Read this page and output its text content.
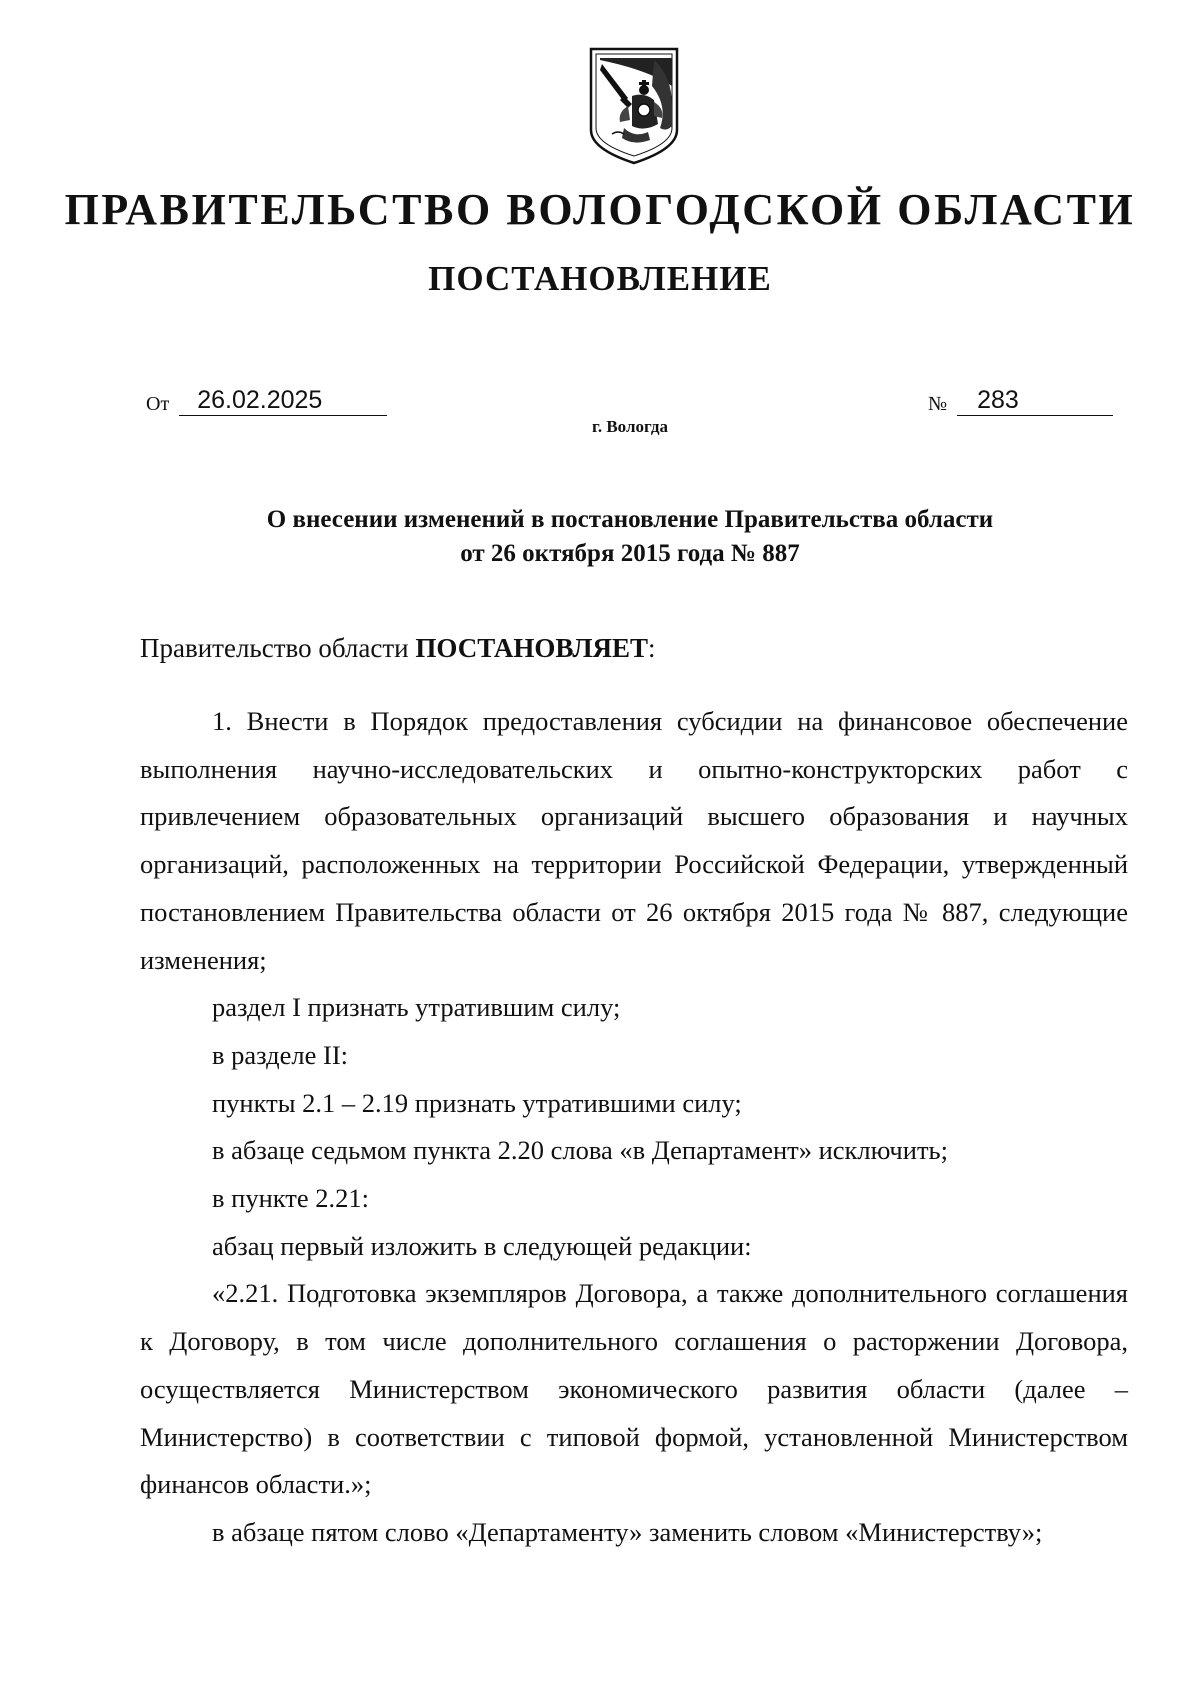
ПРАВИТЕЛЬСТВО ВОЛОГОДСКОЙ ОБЛАСТИ
ПОСТАНОВЛЕНИЕ
От	26.02.2025	№	283
г. Вологда
О внесении изменений в постановление Правительства области
от 26 октября 2015 года № 887
Правительство области ПОСТАНОВЛЯЕТ:

1. Внести в Порядок предоставления субсидии на финансовое обеспечение выполнения научно-исследовательских и опытно-конструкторских работ с привлечением образовательных организаций высшего образования и научных организаций, расположенных на территории Российской Федерации, утвержденный постановлением Правительства области от 26 октября 2015 года № 887, следующие изменения;

раздел I признать утратившим силу;

в разделе II:

пункты 2.1 – 2.19 признать утратившими силу;

в абзаце седьмом пункта 2.20 слова «в Департамент» исключить;

в пункте 2.21:

абзац первый изложить в следующей редакции:

«2.21. Подготовка экземпляров Договора, а также дополнительного соглашения к Договору, в том числе дополнительного соглашения о расторжении Договора, осуществляется Министерством экономического развития области (далее – Министерство) в соответствии с типовой формой, установленной Министерством финансов области.»;

в абзаце пятом слово «Департаменту» заменить словом «Министерству»;
